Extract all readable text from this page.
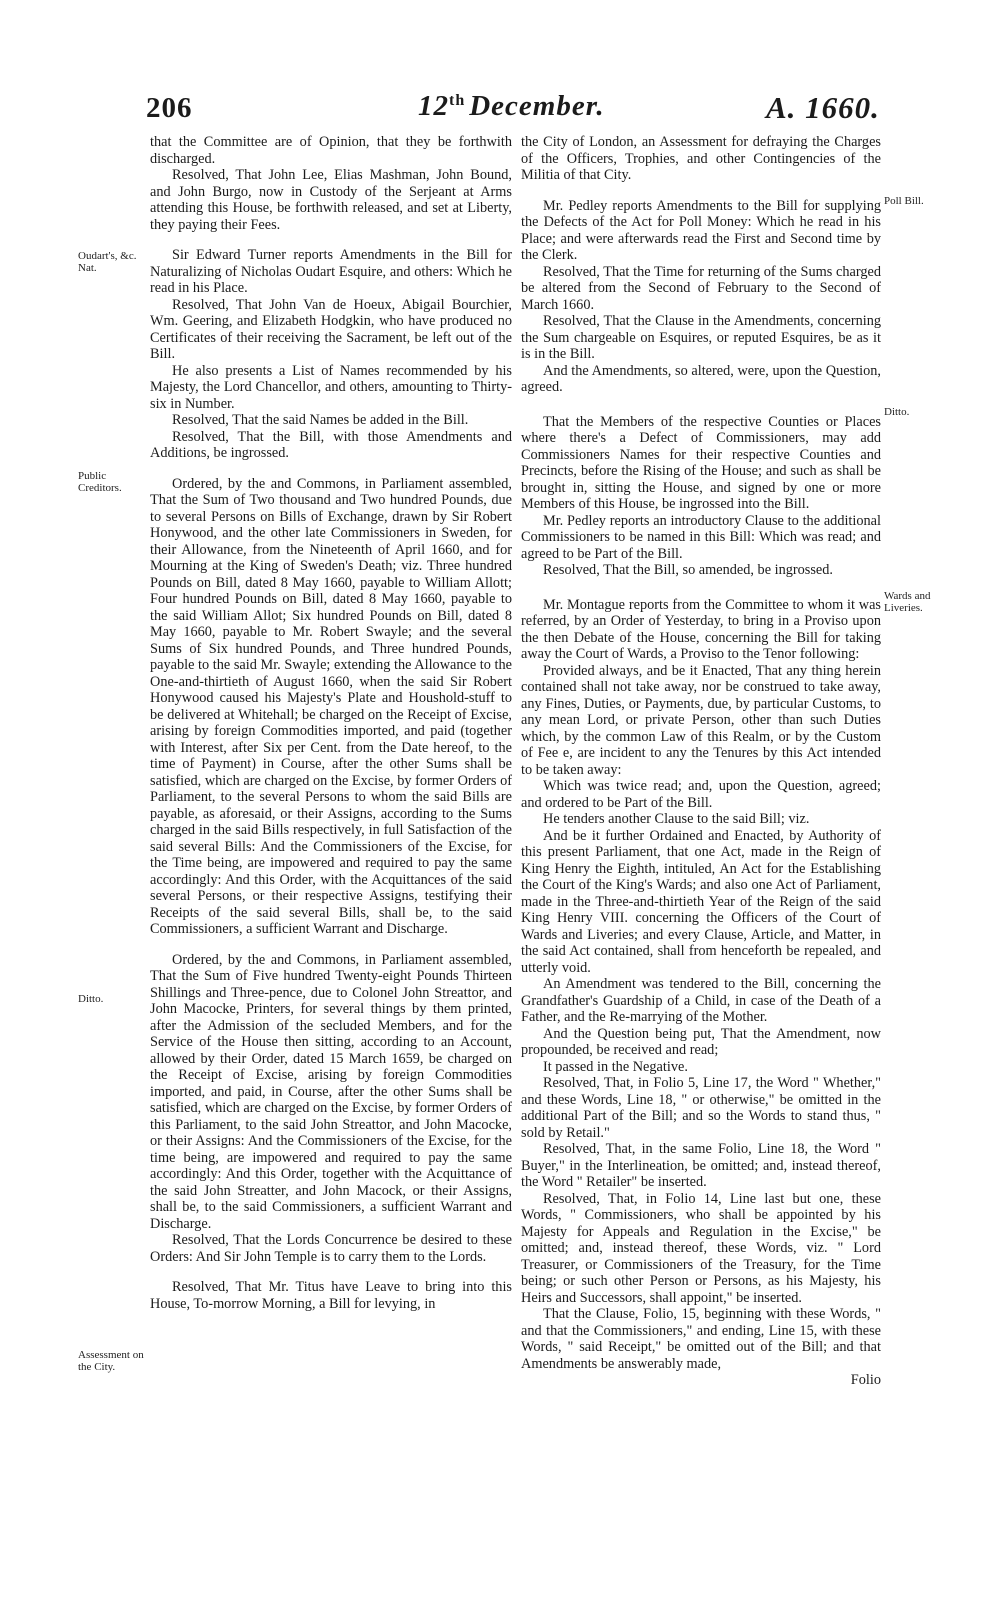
206	12th December.	A. 1660.
Oudart's, &c. Nat.
Public Creditors.
Ditto.
Assessment on the City.
Poll Bill.
Ditto.
Wards and Liveries.

that the Committee are of Opinion, that they be forthwith discharged.

Resolved, That John Lee, Elias Mashman, John Bound, and John Burgo, now in Custody of the Serjeant at Arms attending this House, be forthwith released, and set at Liberty, they paying their Fees.

Sir Edward Turner reports Amendments in the Bill for Naturalizing of Nicholas Oudart Esquire, and others: Which he read in his Place.

Resolved, That John Van de Hoeux, Abigail Bourchier, Wm. Geering, and Elizabeth Hodgkin, who have produced no Certificates of their receiving the Sacrament, be left out of the Bill.

He also presents a List of Names recommended by his Majesty, the Lord Chancellor, and others, amounting to Thirty-six in Number.

Resolved, That the said Names be added in the Bill.

Resolved, That the Bill, with those Amendments and Additions, be ingrossed.

Ordered, by the and Commons, in Parliament assembled, That the Sum of Two thousand and Two hundred Pounds, due to several Persons on Bills of Exchange, drawn by Sir Robert Honywood, and the other late Commissioners in Sweden, for their Allowance, from the Nineteenth of April 1660, and for Mourning at the King of Sweden's Death; viz. Three hundred Pounds on Bill, dated 8 May 1660, payable to William Allott; Four hundred Pounds on Bill, dated 8 May 1660, payable to the said William Allot; Six hundred Pounds on Bill, dated 8 May 1660, payable to Mr. Robert Swayle; and the several Sums of Six hundred Pounds, and Three hundred Pounds, payable to the said Mr. Swayle; extending the Allowance to the One-and-thirtieth of August 1660, when the said Sir Robert Honywood caused his Majesty's Plate and Houshold-stuff to be delivered at Whitehall; be charged on the Receipt of Excise, arising by foreign Commodities imported, and paid (together with Interest, after Six per Cent. from the Date hereof, to the time of Payment) in Course, after the other Sums shall be satisfied, which are charged on the Excise, by former Orders of Parliament, to the several Persons to whom the said Bills are payable, as aforesaid, or their Assigns, according to the Sums charged in the said Bills respectively, in full Satisfaction of the said several Bills: And the Commissioners of the Excise, for the Time being, are impowered and required to pay the same accordingly: And this Order, with the Acquittances of the said several Persons, or their respective Assigns, testifying their Receipts of the said several Bills, shall be, to the said Commissioners, a sufficient Warrant and Discharge.

Ordered, by the and Commons, in Parliament assembled, That the Sum of Five hundred Twenty-eight Pounds Thirteen Shillings and Three-pence, due to Colonel John Streattor, and John Macocke, Printers, for several things by them printed, after the Admission of the secluded Members, and for the Service of the House then sitting, according to an Account, allowed by their Order, dated 15 March 1659, be charged on the Receipt of Excise, arising by foreign Commodities imported, and paid, in Course, after the other Sums shall be satisfied, which are charged on the Excise, by former Orders of this Parliament, to the said John Streattor, and John Macocke, or their Assigns: And the Commissioners of the Excise, for the time being, are impowered and required to pay the same accordingly: And this Order, together with the Acquittance of the said John Streatter, and John Macock, or their Assigns, shall be, to the said Commissioners, a sufficient Warrant and Discharge.

Resolved, That the Lords Concurrence be desired to these Orders: And Sir John Temple is to carry them to the Lords.

Resolved, That Mr. Titus have Leave to bring into this House, To-morrow Morning, a Bill for levying, in

the City of London, an Assessment for defraying the Charges of the Officers, Trophies, and other Contingencies of the Militia of that City.

Mr. Pedley reports Amendments to the Bill for supplying the Defects of the Act for Poll Money: Which he read in his Place; and were afterwards read the First and Second time by the Clerk.

Resolved, That the Time for returning of the Sums charged be altered from the Second of February to the Second of March 1660.

Resolved, That the Clause in the Amendments, concerning the Sum chargeable on Esquires, or reputed Esquires, be as it is in the Bill.

And the Amendments, so altered, were, upon the Question, agreed.

That the Members of the respective Counties or Places where there's a Defect of Commissioners, may add Commissioners Names for their respective Counties and Precincts, before the Rising of the House; and such as shall be brought in, sitting the House, and signed by one or more Members of this House, be ingrossed into the Bill.

Mr. Pedley reports an introductory Clause to the additional Commissioners to be named in this Bill: Which was read; and agreed to be Part of the Bill.

Resolved, That the Bill, so amended, be ingrossed.

Mr. Montague reports from the Committee to whom it was referred, by an Order of Yesterday, to bring in a Proviso upon the then Debate of the House, concerning the Bill for taking away the Court of Wards, a Proviso to the Tenor following:

Provided always, and be it Enacted, That any thing herein contained shall not take away, nor be construed to take away, any Fines, Duties, or Payments, due, by particular Customs, to any mean Lord, or private Person, other than such Duties which, by the common Law of this Realm, or by the Custom of Fee e, are incident to any the Tenures by this Act intended to be taken away:

Which was twice read; and, upon the Question, agreed; and ordered to be Part of the Bill.

He tenders another Clause to the said Bill; viz.

And be it further Ordained and Enacted, by Authority of this present Parliament, that one Act, made in the Reign of King Henry the Eighth, intituled, An Act for the Establishing the Court of the King's Wards; and also one Act of Parliament, made in the Three-and-thirtieth Year of the Reign of the said King Henry VIII. concerning the Officers of the Court of Wards and Liveries; and every Clause, Article, and Matter, in the said Act contained, shall from henceforth be repealed, and utterly void.

An Amendment was tendered to the Bill, concerning the Grandfather's Guardship of a Child, in case of the Death of a Father, and the Re-marrying of the Mother.

And the Question being put, That the Amendment, now propounded, be received and read;

It passed in the Negative.

Resolved, That, in Folio 5, Line 17, the Word " Whether," and these Words, Line 18, " or otherwise," be omitted in the additional Part of the Bill; and so the Words to stand thus, " sold by Retail."

Resolved, That, in the same Folio, Line 18, the Word " Buyer," in the Interlineation, be omitted; and, instead thereof, the Word " Retailer" be inserted.

Resolved, That, in Folio 14, Line last but one, these Words, " Commissioners, who shall be appointed by his Majesty for Appeals and Regulation in the Excise," be omitted; and, instead thereof, these Words, viz. " Lord Treasurer, or Commissioners of the Treasury, for the Time being; or such other Person or Persons, as his Majesty, his Heirs and Successors, shall appoint," be inserted.

That the Clause, Folio, 15, beginning with these Words, " and that the Commissioners," and ending, Line 15, with these Words, " said Receipt," be omitted out of the Bill; and that Amendments be answerably made,

Folio
